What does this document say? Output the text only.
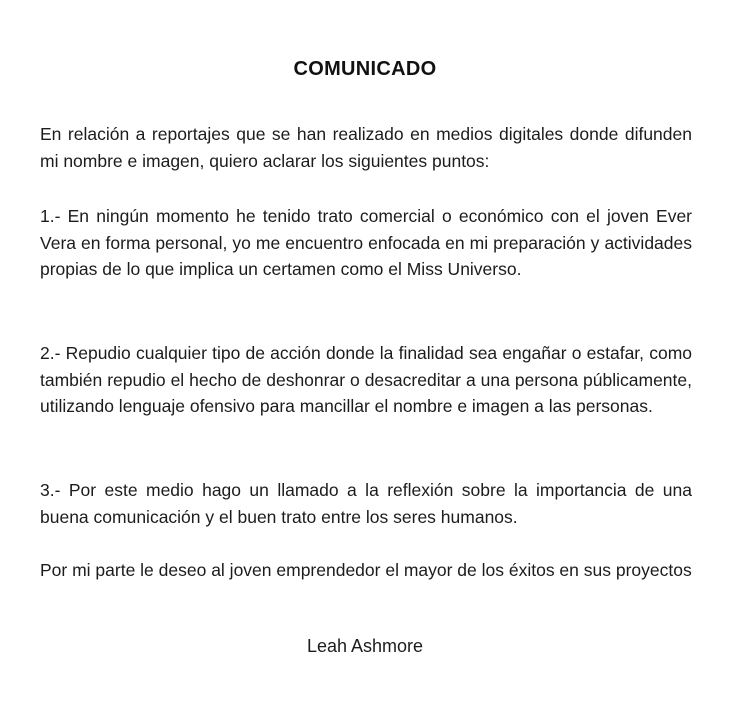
COMUNICADO
En relación a reportajes que se han realizado en medios digitales donde difunden mi nombre e imagen, quiero aclarar los siguientes puntos:
1.- En ningún momento he tenido trato comercial o económico con el joven Ever Vera en forma personal, yo me encuentro enfocada en mi preparación y actividades propias de lo que implica un certamen como el Miss Universo.
2.- Repudio cualquier tipo de acción donde la finalidad sea engañar o estafar, como también repudio el hecho de deshonrar o desacreditar a una persona públicamente, utilizando lenguaje ofensivo para mancillar el nombre e imagen a las personas.
3.- Por este medio hago un llamado a la reflexión sobre la importancia de una buena comunicación y el buen trato entre los seres humanos.
Por mi parte le deseo al joven emprendedor el mayor de los éxitos en sus proyectos
Leah Ashmore
